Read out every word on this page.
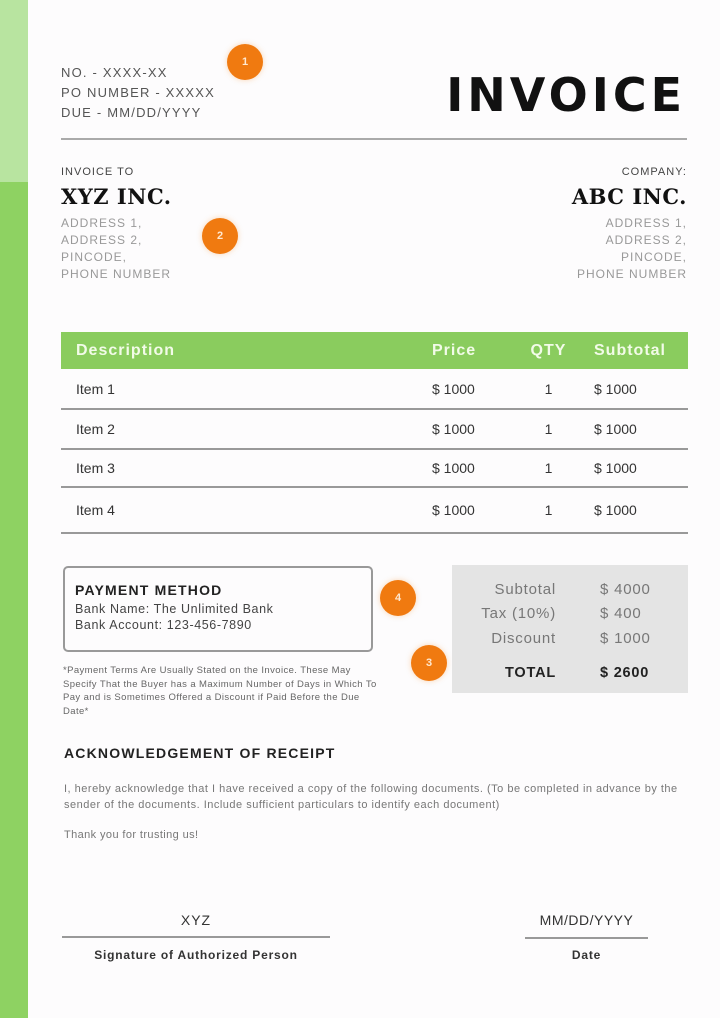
NO. - XXXX-XX
PO NUMBER - XXXXX
DUE - MM/DD/YYYY
1
INVOICE
INVOICE TO
XYZ INC.
ADDRESS 1,
ADDRESS 2,
PINCODE,
PHONE NUMBER
2
COMPANY:
ABC INC.
ADDRESS 1,
ADDRESS 2,
PINCODE,
PHONE NUMBER
Description	Price	QTY	Subtotal
Item 1	$ 1000	1	$ 1000
Item 2	$ 1000	1	$ 1000
Item 3	$ 1000	1	$ 1000
Item 4	$ 1000	1	$ 1000
PAYMENT METHOD
Bank Name: The Unlimited Bank
Bank Account: 123-456-7890
*Payment Terms Are Usually Stated on the Invoice. These May Specify That the Buyer has a Maximum Number of Days in Which To Pay and is Sometimes Offered a Discount if Paid Before the Due Date*
4
3
Subtotal	$ 4000
Tax (10%)	$ 400
Discount	$ 1000
TOTAL	$ 2600
ACKNOWLEDGEMENT OF RECEIPT
I, hereby acknowledge that I have received a copy of the following documents. (To be completed in advance by the sender of the documents. Include sufficient particulars to identify each document)
Thank you for trusting us!
XYZ
Signature of Authorized Person
MM/DD/YYYY
Date
